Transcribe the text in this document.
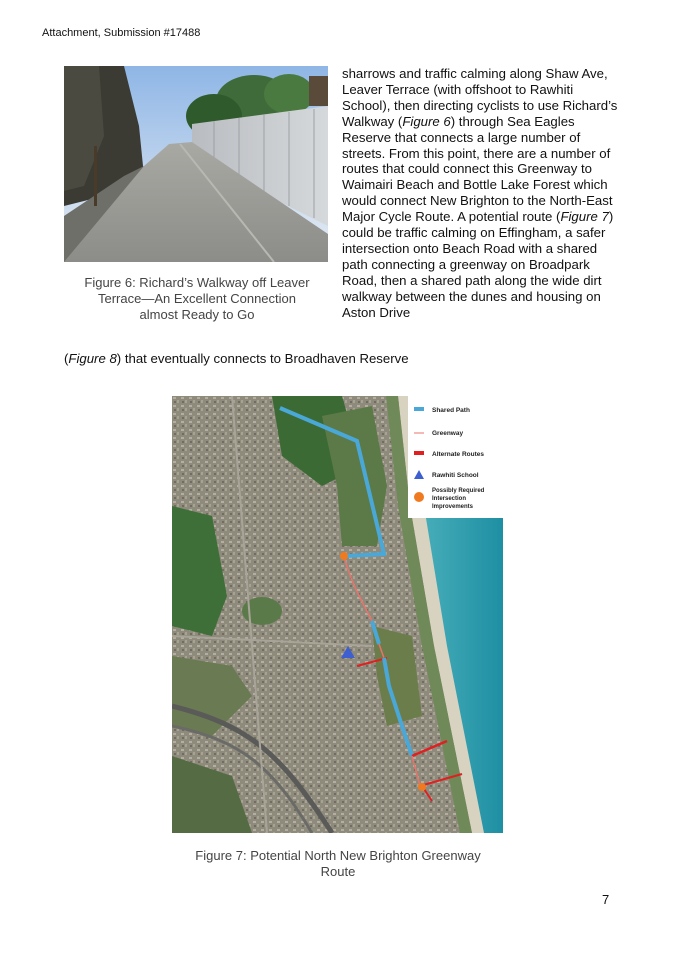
Attachment, Submission #17488
Figure 6: Richard’s Walkway off Leaver
Terrace—An Excellent Connection
almost Ready to Go

sharrows and traffic calming along Shaw Ave, Leaver Terrace (with offshoot to Rawhiti School), then directing cyclists to use Richard’s Walkway (Figure 6) through Sea Eagles Reserve that connects a large number of streets. From this point, there are a number of routes that could connect this Greenway to Waimairi Beach and Bottle Lake Forest which would connect New Brighton to the North-East Major Cycle Route. A potential route (Figure 7) could be traffic calming on Effingham, a safer intersection onto Beach Road with a shared path connecting a greenway on Broadpark Road, then a shared path along the wide dirt walkway between the dunes and housing on Aston Drive

(Figure 8) that eventually connects to Broadhaven Reserve
Shared Path
Greenway
Alternate Routes
Rawhiti School
Possibly Required
Intersection
Improvements
Figure 7: Potential North New Brighton Greenway
Route
7
